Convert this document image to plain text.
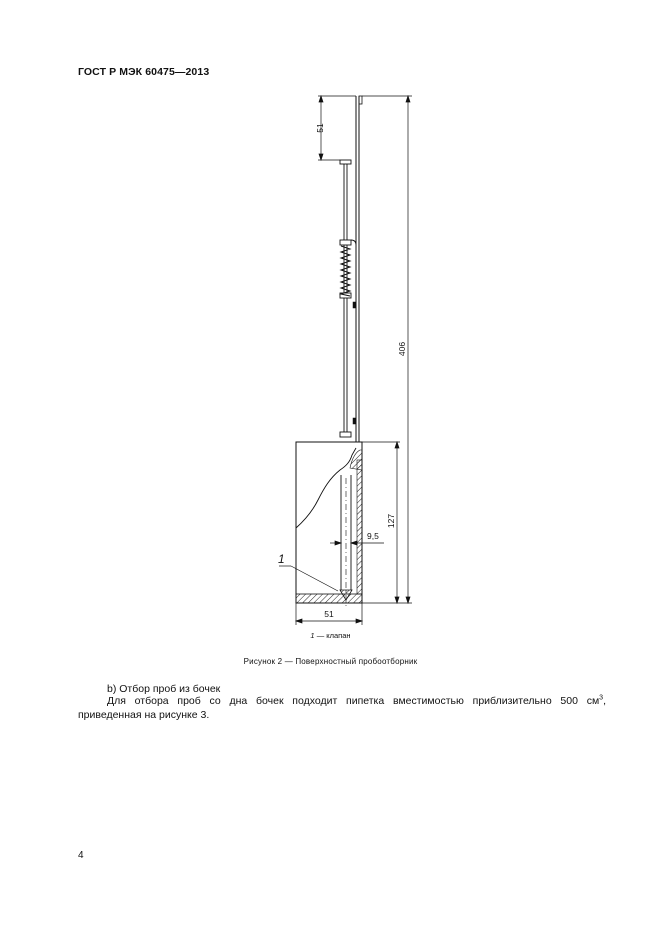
ГОСТ Р МЭК 60475—2013
51
406
127
9,5
51
1
1 — клапан
Рисунок 2 — Поверхностный пробоотборник
b) Отбор проб из бочек
Для отбора проб со дна бочек подходит пипетка вместимостью приблизительно 500 $см^3$, приведенная на рисунке 3.
4
